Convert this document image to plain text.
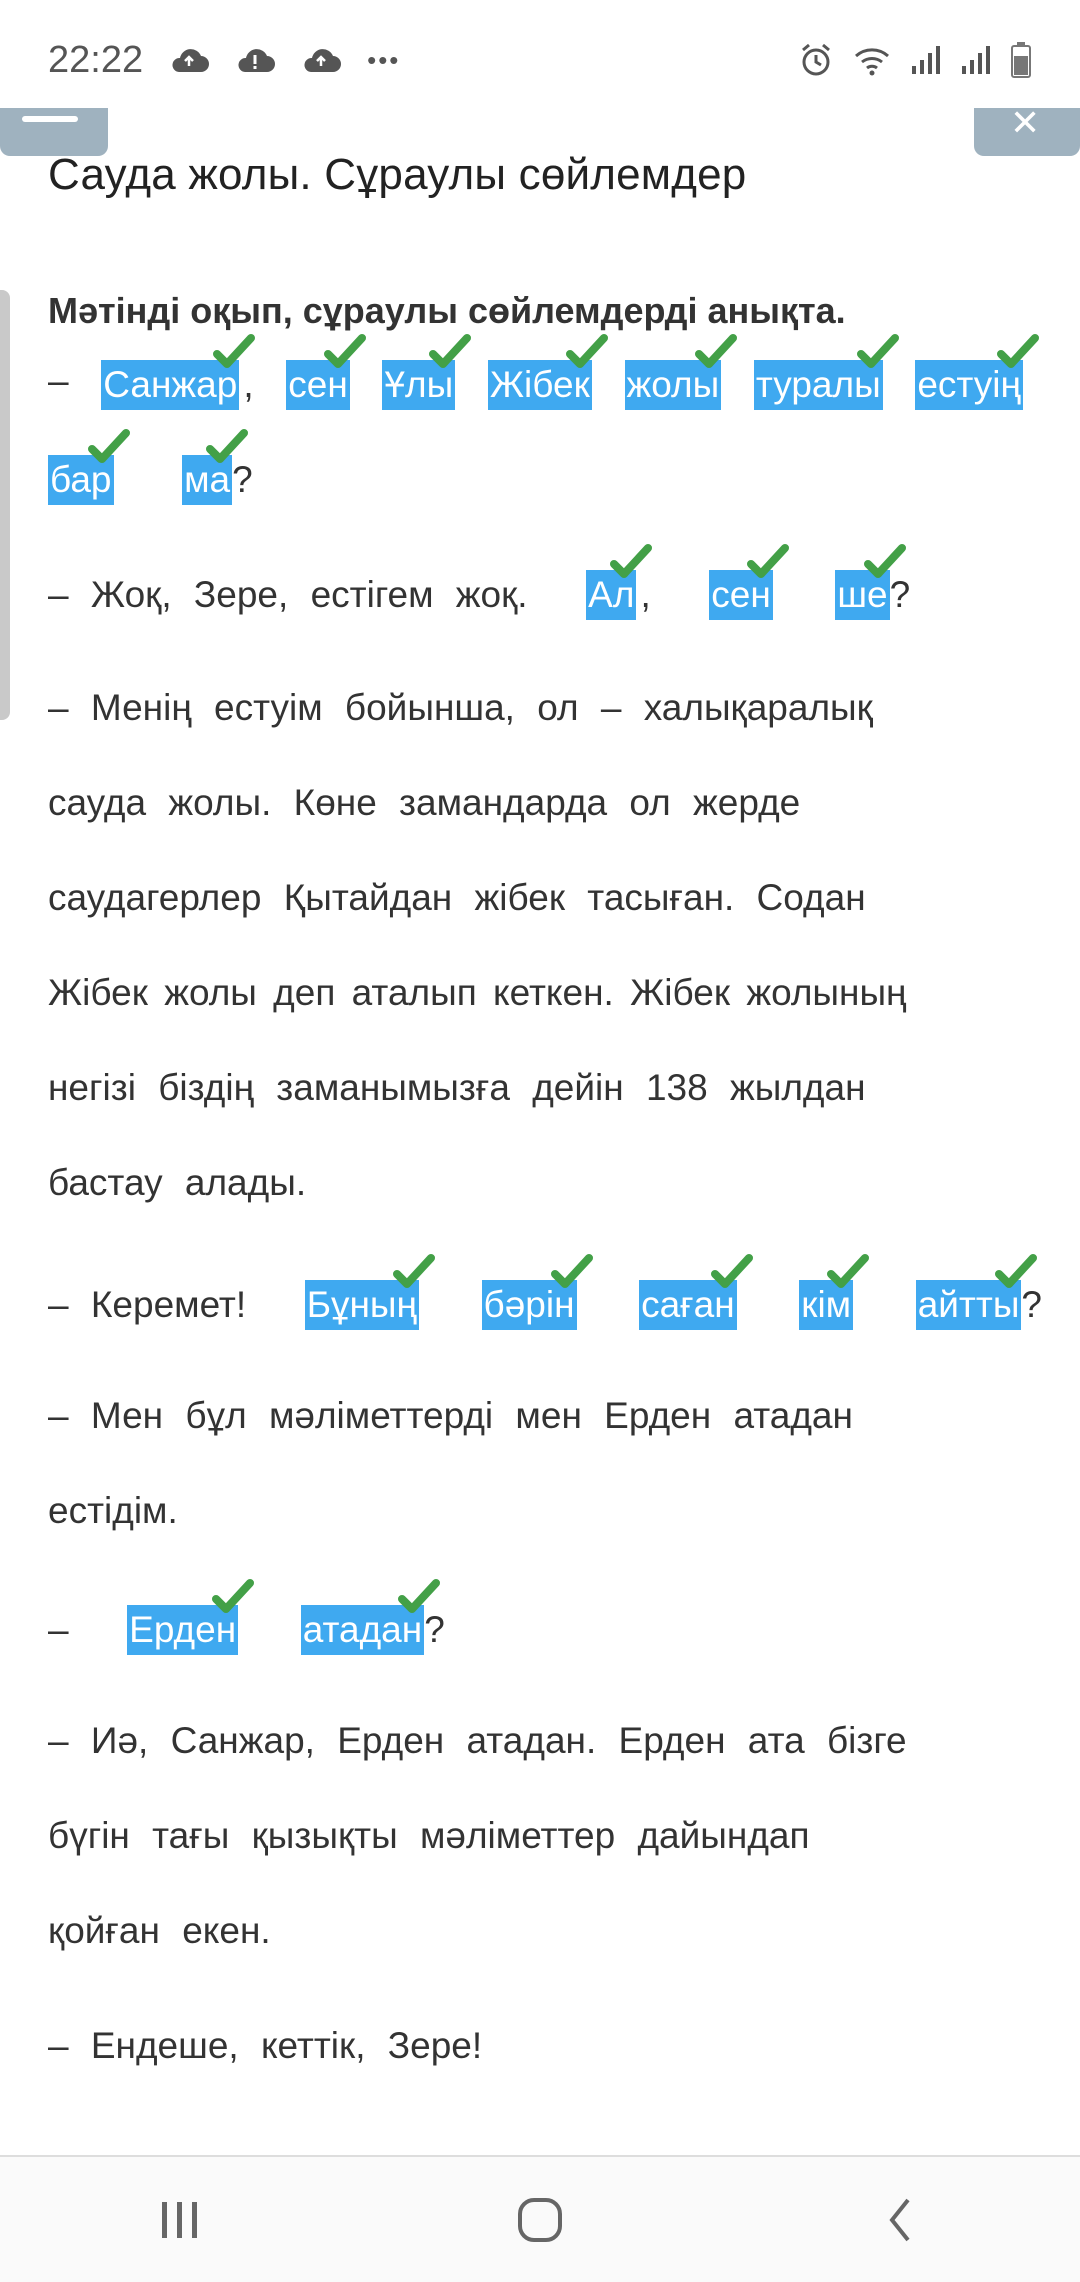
22:22	•••
✕
Сауда жолы. Сұраулы сөйлемдер
Мәтінді оқып, сұраулы сөйлемдерді анықта.
– Санжар , сен Ұлы Жібек жолы туралы естуің
бар ма
?
– Жоқ, Зере, естігем жоқ. Ал , сен ше
?
– Менің естуім бойынша, ол – халықаралық
сауда жолы. Көне замандарда ол жерде
саудагерлер Қытайдан жібек тасыған. Содан
Жібек жолы деп аталып кеткен. Жібек жолының
негізі біздің заманымызға дейін 138 жылдан
бастау алады.
– Керемет! Бұның бәрін саған кім айтты
?
– Мен бұл мәліметтерді мен Ерден атадан
естідім.
– Ерден атадан
?
– Иә, Санжар, Ерден атадан. Ерден ата бізге
бүгін тағы қызықты мәліметтер дайындап
қойған екен.
– Ендеше, кеттік, Зере!
